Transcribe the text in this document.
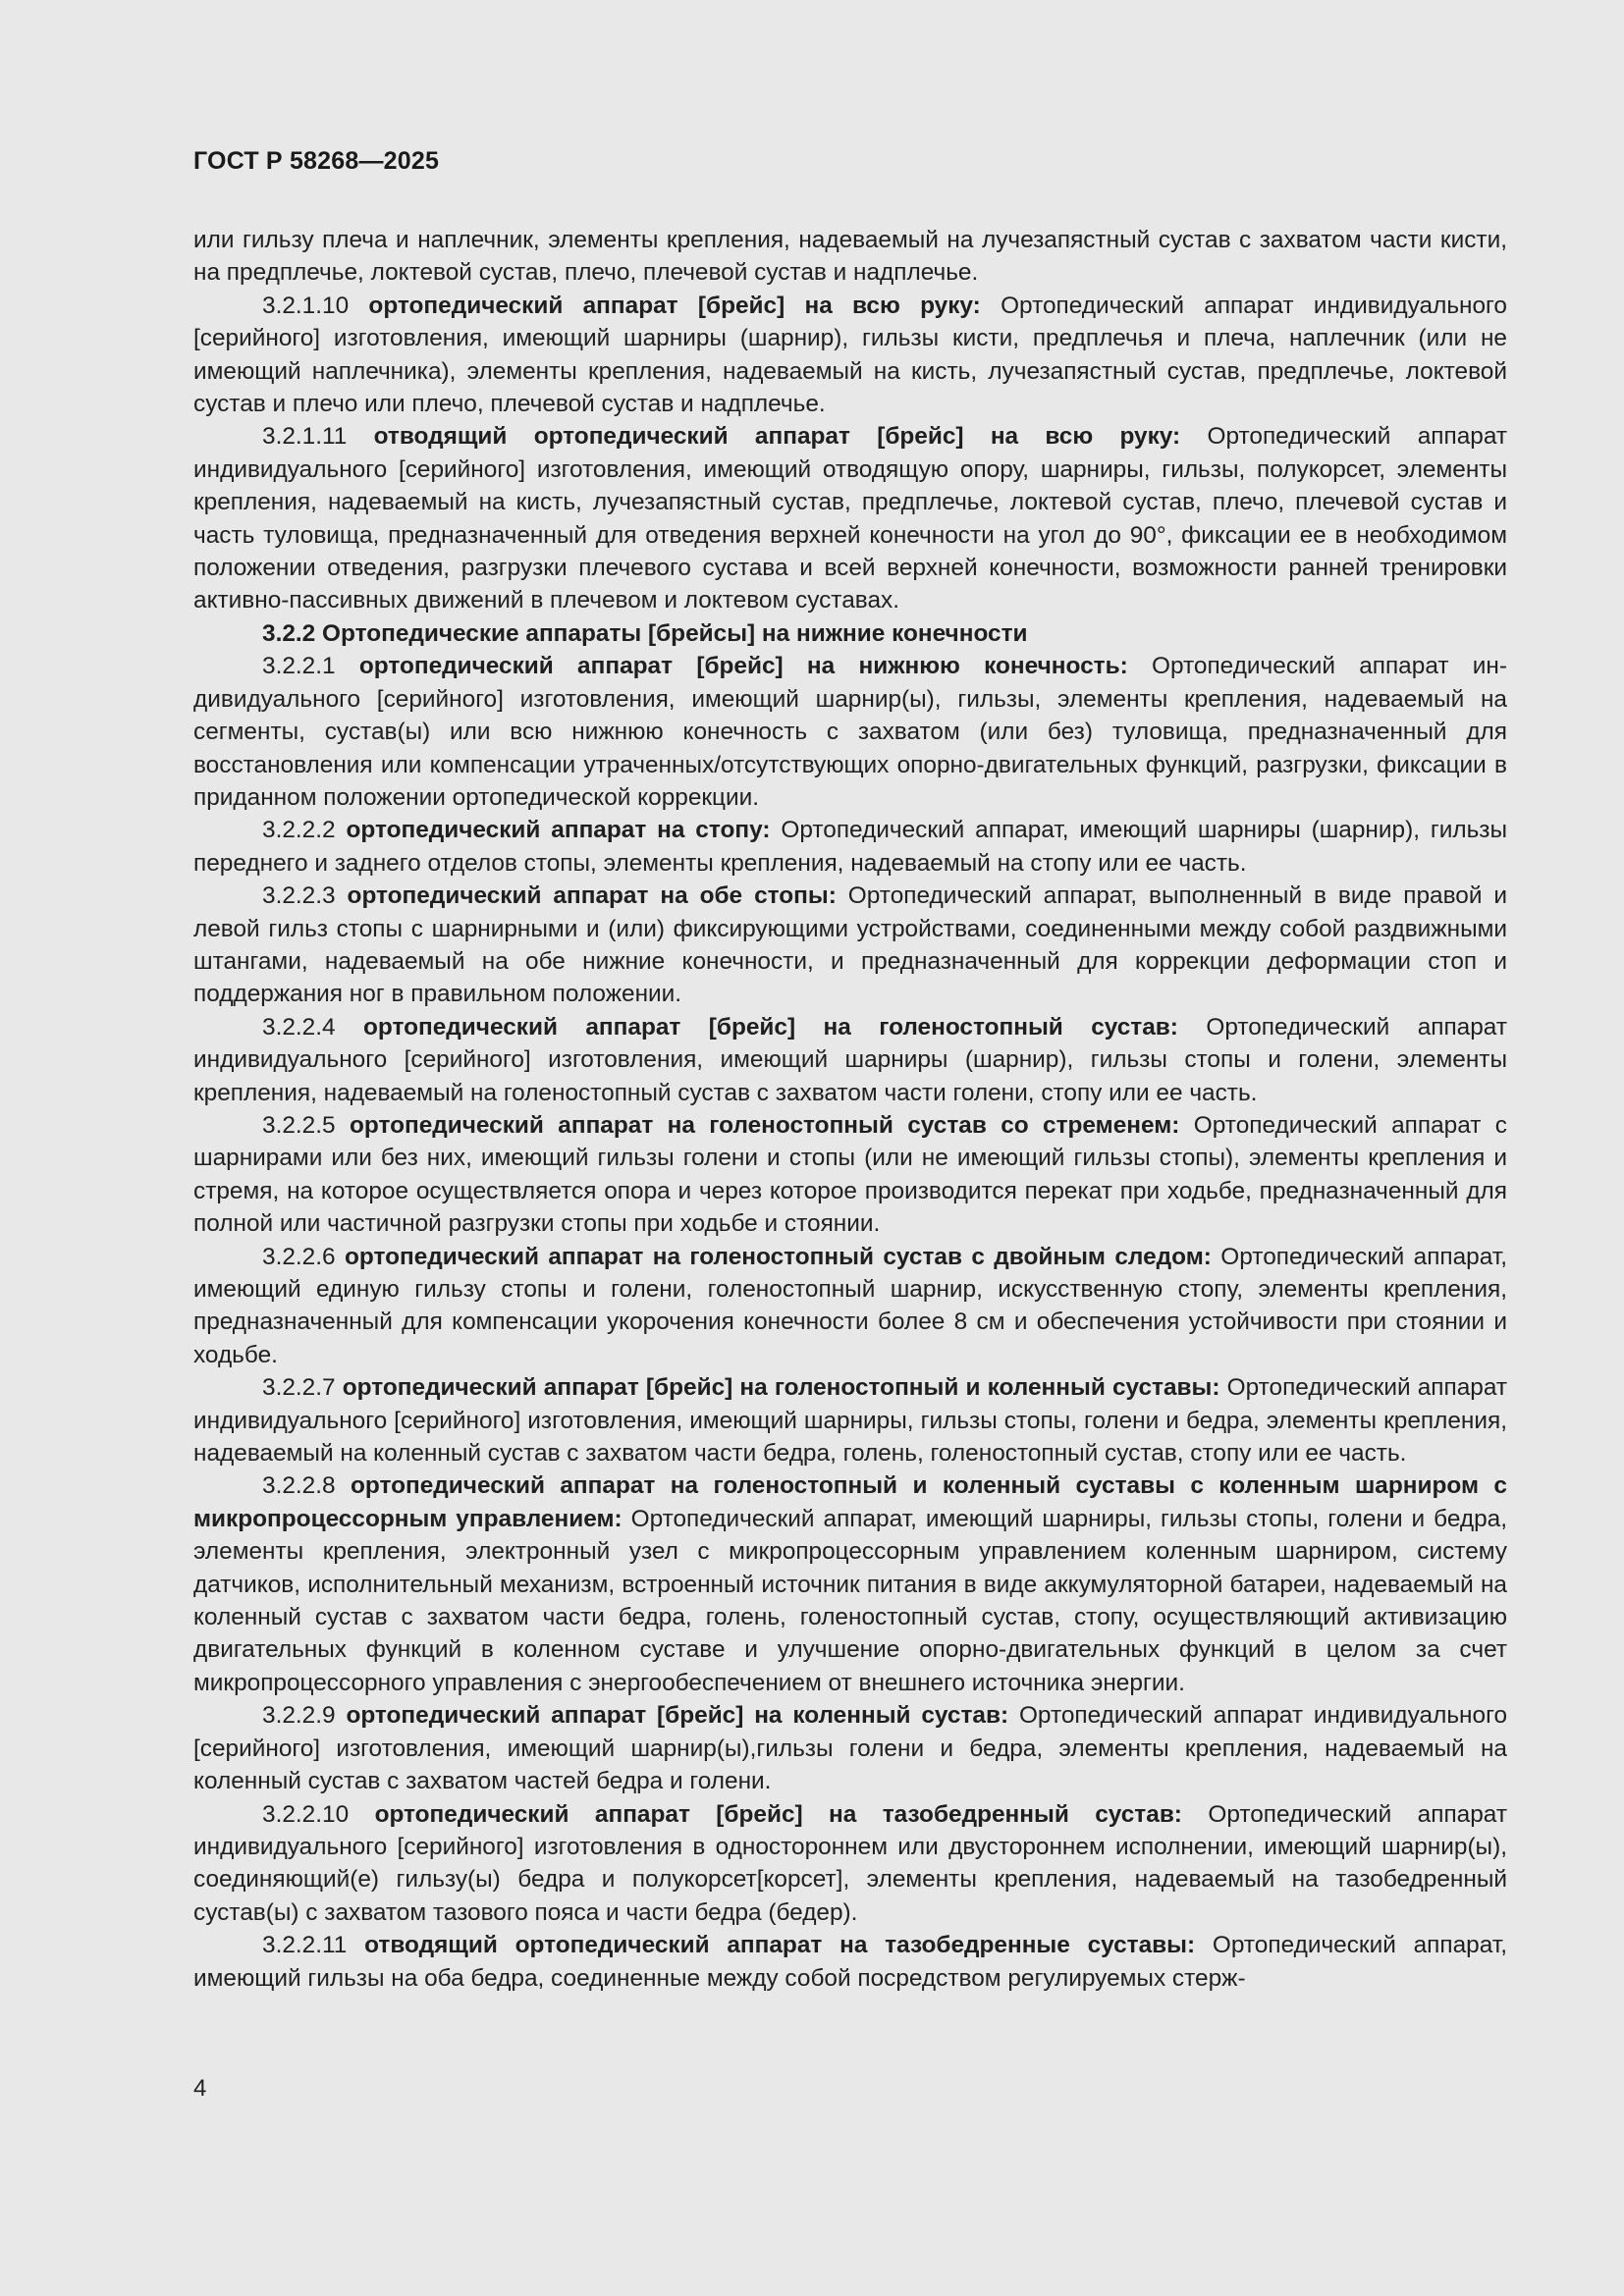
ГОСТ Р 58268—2025

или гильзу плеча и наплечник, элементы крепления, надеваемый на лучезапястный сустав с захватом части кисти, на предплечье, локтевой сустав, плечо, плечевой сустав и надплечье.

3.2.1.10 ортопедический аппарат [брейс] на всю руку: Ортопедический аппарат индивидуального [серийного] изготовления, имеющий шарниры (шарнир), гильзы кисти, предплечья и плеча, наплечник (или не имеющий наплечника), элементы крепления, надеваемый на кисть, лучезапястный сустав, предплечье, локтевой сустав и плечо или плечо, плечевой сустав и надплечье.

3.2.1.11 отводящий ортопедический аппарат [брейс] на всю руку: Ортопедический аппарат индивидуального [серийного] изготовления, имеющий отводящую опору, шарниры, гильзы, полукорсет, элементы крепления, надеваемый на кисть, лучезапястный сустав, предплечье, локтевой сустав, плечо, плечевой сустав и часть туловища, предназначенный для отведения верхней конечности на угол до 90°, фиксации ее в необходимом положении отведения, разгрузки плечевого сустава и всей верхней конечности, возможности ранней тренировки активно-пассивных движений в плечевом и локтевом суставах.

3.2.2 Ортопедические аппараты [брейсы] на нижние конечности

3.2.2.1 ортопедический аппарат [брейс] на нижнюю конечность: Ортопедический аппарат индивидуального [серийного] изготовления, имеющий шарнир(ы), гильзы, элементы крепления, надеваемый на сегменты, сустав(ы) или всю нижнюю конечность с захватом (или без) туловища, предназначенный для восстановления или компенсации утраченных/отсутствующих опорно-двигательных функций, разгрузки, фиксации в приданном положении ортопедической коррекции.

3.2.2.2 ортопедический аппарат на стопу: Ортопедический аппарат, имеющий шарниры (шарнир), гильзы переднего и заднего отделов стопы, элементы крепления, надеваемый на стопу или ее часть.

3.2.2.3 ортопедический аппарат на обе стопы: Ортопедический аппарат, выполненный в виде правой и левой гильз стопы с шарнирными и (или) фиксирующими устройствами, соединенными между собой раздвижными штангами, надеваемый на обе нижние конечности, и предназначенный для коррекции деформации стоп и поддержания ног в правильном положении.

3.2.2.4 ортопедический аппарат [брейс] на голеностопный сустав: Ортопедический аппарат индивидуального [серийного] изготовления, имеющий шарниры (шарнир), гильзы стопы и голени, элементы крепления, надеваемый на голеностопный сустав с захватом части голени, стопу или ее часть.

3.2.2.5 ортопедический аппарат на голеностопный сустав со стременем: Ортопедический аппарат с шарнирами или без них, имеющий гильзы голени и стопы (или не имеющий гильзы стопы), элементы крепления и стремя, на которое осуществляется опора и через которое производится перекат при ходьбе, предназначенный для полной или частичной разгрузки стопы при ходьбе и стоянии.

3.2.2.6 ортопедический аппарат на голеностопный сустав с двойным следом: Ортопедический аппарат, имеющий единую гильзу стопы и голени, голеностопный шарнир, искусственную стопу, элементы крепления, предназначенный для компенсации укорочения конечности более 8 см и обеспечения устойчивости при стоянии и ходьбе.

3.2.2.7 ортопедический аппарат [брейс] на голеностопный и коленный суставы: Ортопедический аппарат индивидуального [серийного] изготовления, имеющий шарниры, гильзы стопы, голени и бедра, элементы крепления, надеваемый на коленный сустав с захватом части бедра, голень, голеностопный сустав, стопу или ее часть.

3.2.2.8 ортопедический аппарат на голеностопный и коленный суставы с коленным шарниром с микропроцессорным управлением: Ортопедический аппарат, имеющий шарниры, гильзы стопы, голени и бедра, элементы крепления, электронный узел с микропроцессорным управлением коленным шарниром, систему датчиков, исполнительный механизм, встроенный источник питания в виде аккумуляторной батареи, надеваемый на коленный сустав с захватом части бедра, голень, голеностопный сустав, стопу, осуществляющий активизацию двигательных функций в коленном суставе и улучшение опорно-двигательных функций в целом за счет микропроцессорного управления с энергообеспечением от внешнего источника энергии.

3.2.2.9 ортопедический аппарат [брейс] на коленный сустав: Ортопедический аппарат индивидуального [серийного] изготовления, имеющий шарнир(ы),гильзы голени и бедра, элементы крепления, надеваемый на коленный сустав с захватом частей бедра и голени.

3.2.2.10 ортопедический аппарат [брейс] на тазобедренный сустав: Ортопедический аппарат индивидуального [серийного] изготовления в одностороннем или двустороннем исполнении, имеющий шарнир(ы), соединяющий(е) гильзу(ы) бедра и полукорсет[корсет], элементы крепления, надеваемый на тазобедренный сустав(ы) с захватом тазового пояса и части бедра (бедер).

3.2.2.11 отводящий ортопедический аппарат на тазобедренные суставы: Ортопедический аппарат, имеющий гильзы на оба бедра, соединенные между собой посредством регулируемых стерж-

4
